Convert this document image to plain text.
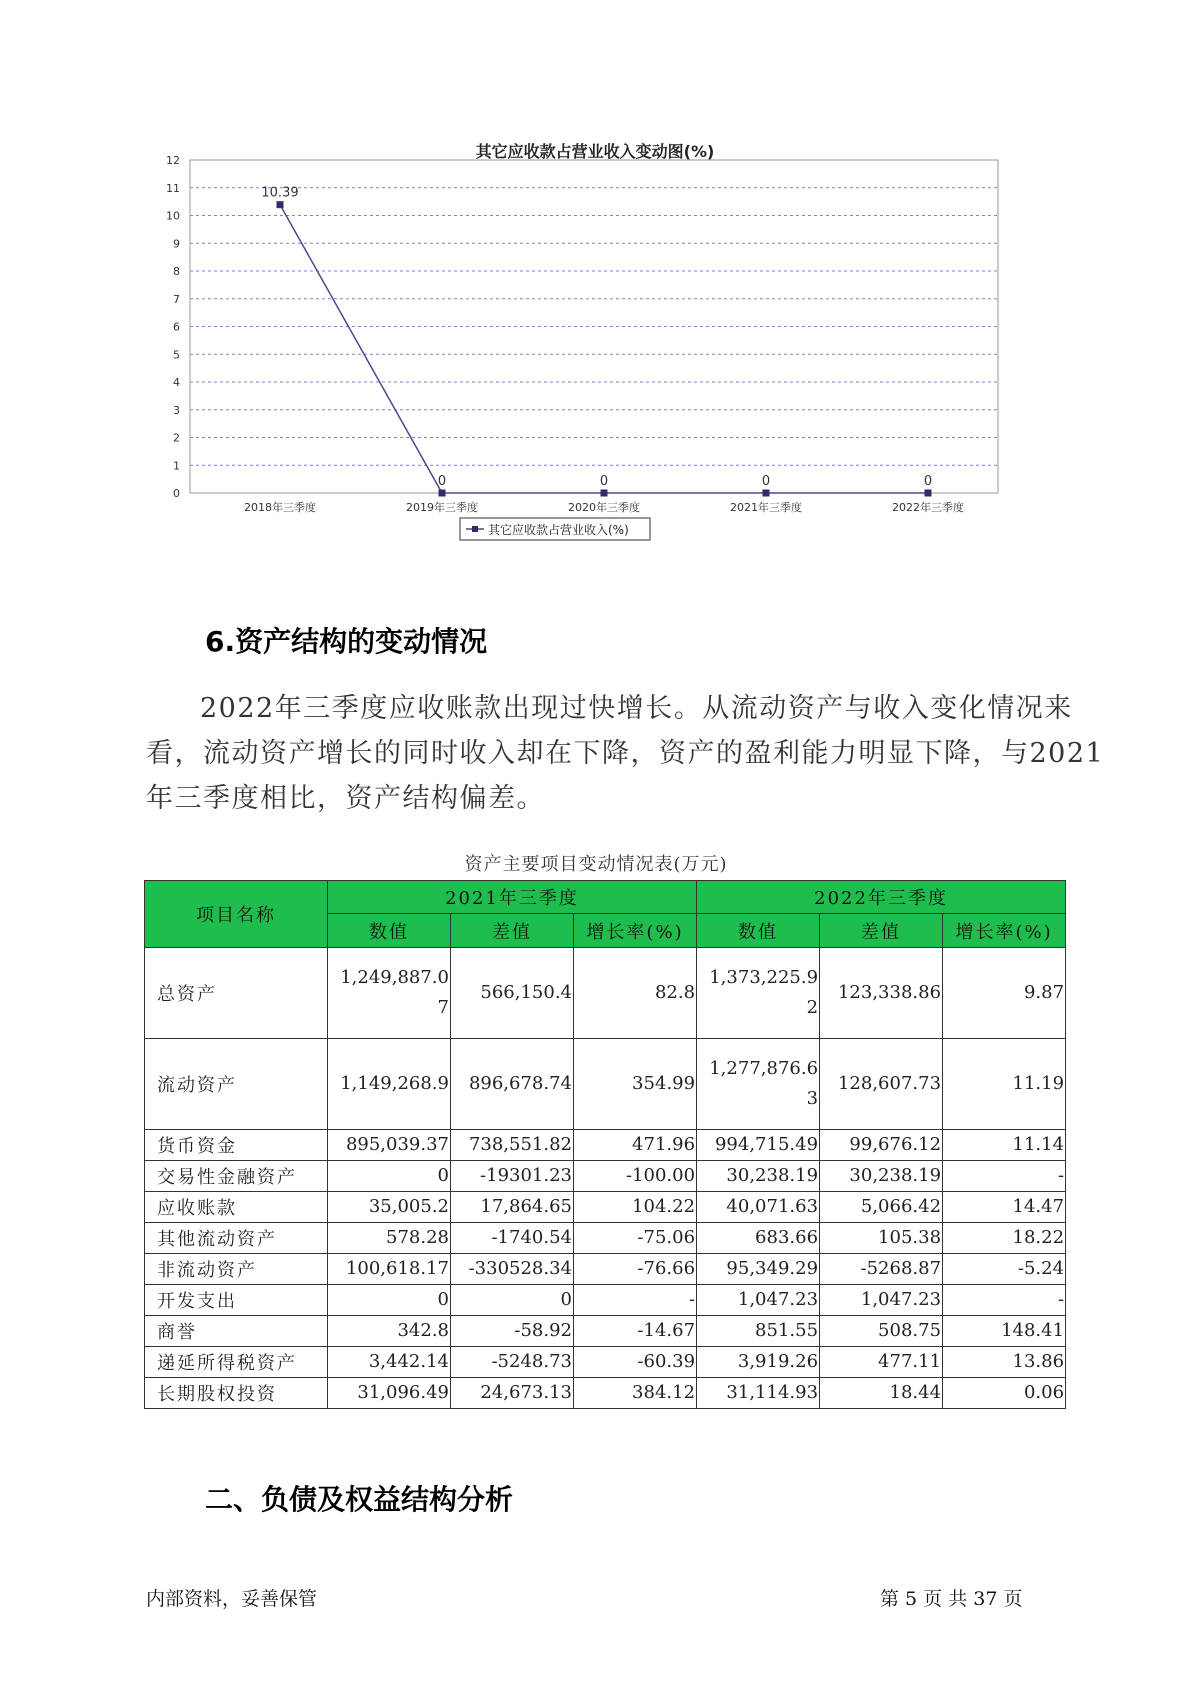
其它应收款占营业收入变动图(%)
0
1
2
3
4
5
6
7
8
9
10
11
12
2018年三季度	2019年三季度	2020年三季度	2021年三季度	2022年三季度
10.39
0	0	0	0
其它应收款占营业收入(%)
6.资产结构的变动情况

2022年三季度应收账款出现过快增长。从流动资产与收入变化情况来
看，流动资产增长的同时收入却在下降，资产的盈利能力明显下降，与2021
年三季度相比，资产结构偏差。

资产主要项目变动情况表(万元)
项目名称	2021年三季度			2022年三季度		
	数值	差值	增长率(%)	数值	差值	增长率(%)
总资产	1,249,887.07	566,150.4	82.8	1,373,225.92	123,338.86	9.87
流动资产	1,149,268.9	896,678.74	354.99	1,277,876.63	128,607.73	11.19
货币资金	895,039.37	738,551.82	471.96	994,715.49	99,676.12	11.14
交易性金融资产	0	-19301.23	-100.00	30,238.19	30,238.19	-
应收账款	35,005.2	17,864.65	104.22	40,071.63	5,066.42	14.47
其他流动资产	578.28	-1740.54	-75.06	683.66	105.38	18.22
非流动资产	100,618.17	-330528.34	-76.66	95,349.29	-5268.87	-5.24
开发支出	0	0	-	1,047.23	1,047.23	-
商誉	342.8	-58.92	-14.67	851.55	508.75	148.41
递延所得税资产	3,442.14	-5248.73	-60.39	3,919.26	477.11	13.86
长期股权投资	31,096.49	24,673.13	384.12	31,114.93	18.44	0.06
二、负债及权益结构分析
内部资料，妥善保管	第 5 页 共 37 页
